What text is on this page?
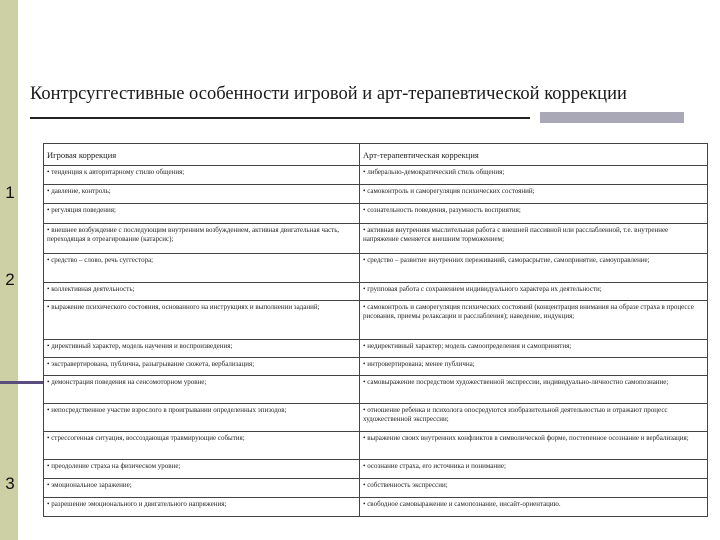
Контрсуггестивные особенности игровой и арт-терапевтической коррекции
1
2
3
Игровая коррекция	Арт-терапевтическая коррекция
• тенденция к авторитарному стилю общения;	• либерально-демократический стиль общения;
• давление, контроль;	• самоконтроль и саморегуляция психических состояний;
• регуляция поведения;	• сознательность поведения, разумность восприятия;
• внешнее возбуждение с последующим внутренним возбуждением, активная двигательная часть, переходящая в отреагирование (катарсис);	• активная внутренняя мыслительная работа с внешней пассивной или расслабленной, т.е. внутреннее напряжение сменяется внешним торможением;
• средство – слово, речь суггестора;	• средство – развитие внутренних переживаний, саморасрытие, самопринятие, самоуправление;
• коллективная деятельность;	• групповая работа с сохранением индивидуального характера их деятельности;
• выражение психического состояния, основанного на инструкциях и выполнении заданий;	• самоконтроль и саморегуляция психических состояний (концентрация внимания на образе страха в процессе рисования, приемы релаксации и расслабления); наведение, индукция;
• директивный характер, модель научения и воспроизведения;	• недирективный характер; модель самоопределения и самопринятия;
• экстравертирована, публична, разыгрывание сюжета, вербализация;	• интровертирована; менее публична;
• демонстрация поведения на сенсомоторном уровне;	• самовыражение посредством художественной экспрессии, индивидуально-личностно самопознание;
• непосредственное участие взрослого в проигрывании определенных эпизодов;	• отношение ребенка и психолога опосредуются изобразительной деятельностью и отражают процесс художественной экспрессии;
• стрессогенная ситуация, воссоздающая травмирующие события;	• выражение своих внутренних конфликтов в символической форме, постепенное осознание и вербализация;
• преодоление страха на физическом уровне;	• осознание страха, его источника и понимание;
• эмоциональное заражение;	• собственность экспрессии;
• разрешение эмоционального и двигательного напряжения;	• свободное самовыражение и самопознание, инсайт-ориентацию.
